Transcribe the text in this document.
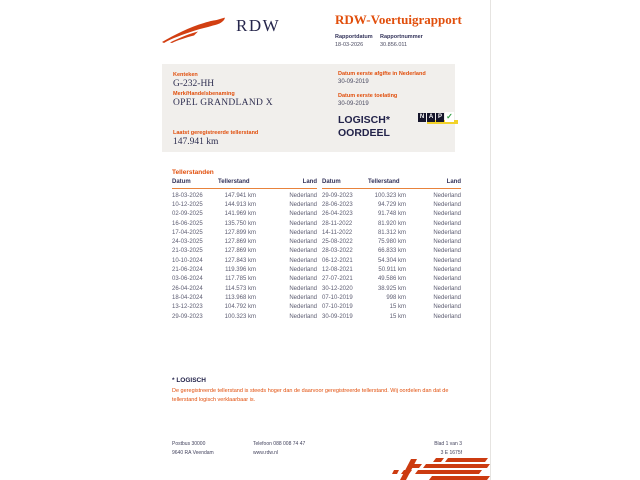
RDW	RDW-Voertuigrapport
Rapportdatum
18-03-2026
Rapportnummer
30.856.011
Kenteken
G-232-HH
Merk/Handelsbenaming
OPEL GRANDLAND X
Laatst geregistreerde tellerstand
147.941 km
Datum eerste afgifte in Nederland
30-09-2019
Datum eerste toelating
30-09-2019
LOGISCH*
OORDEEL
N A P ✓
Tellerstanden
Datum	Tellerstand	Land
18-03-2026	147.941 km	Nederland
10-12-2025	144.913 km	Nederland
02-09-2025	141.969 km	Nederland
16-06-2025	135.750 km	Nederland
17-04-2025	127.899 km	Nederland
24-03-2025	127.869 km	Nederland
21-03-2025	127.869 km	Nederland
10-10-2024	127.843 km	Nederland
21-06-2024	119.396 km	Nederland
03-06-2024	117.785 km	Nederland
26-04-2024	114.573 km	Nederland
18-04-2024	113.968 km	Nederland
13-12-2023	104.792 km	Nederland
29-09-2023	100.323 km	Nederland
Datum	Tellerstand	Land
29-09-2023	100.323 km	Nederland
28-06-2023	94.729 km	Nederland
26-04-2023	91.748 km	Nederland
28-11-2022	81.920 km	Nederland
14-11-2022	81.312 km	Nederland
25-08-2022	75.980 km	Nederland
28-03-2022	66.833 km	Nederland
06-12-2021	54.304 km	Nederland
12-08-2021	50.911 km	Nederland
27-07-2021	49.586 km	Nederland
30-12-2020	38.925 km	Nederland
07-10-2019	998 km	Nederland
07-10-2019	15 km	Nederland
30-09-2019	15 km	Nederland
* LOGISCH
De geregistreerde tellerstand is steeds hoger dan de daarvoor geregistreerde tellerstand. Wij oordelen dan dat de tellerstand logisch verklaarbaar is.
Postbus 30000
9640 RA Veendam
Telefoon 088 008 74 47
www.rdw.nl
Blad 1 van 3
3 E 1675f
